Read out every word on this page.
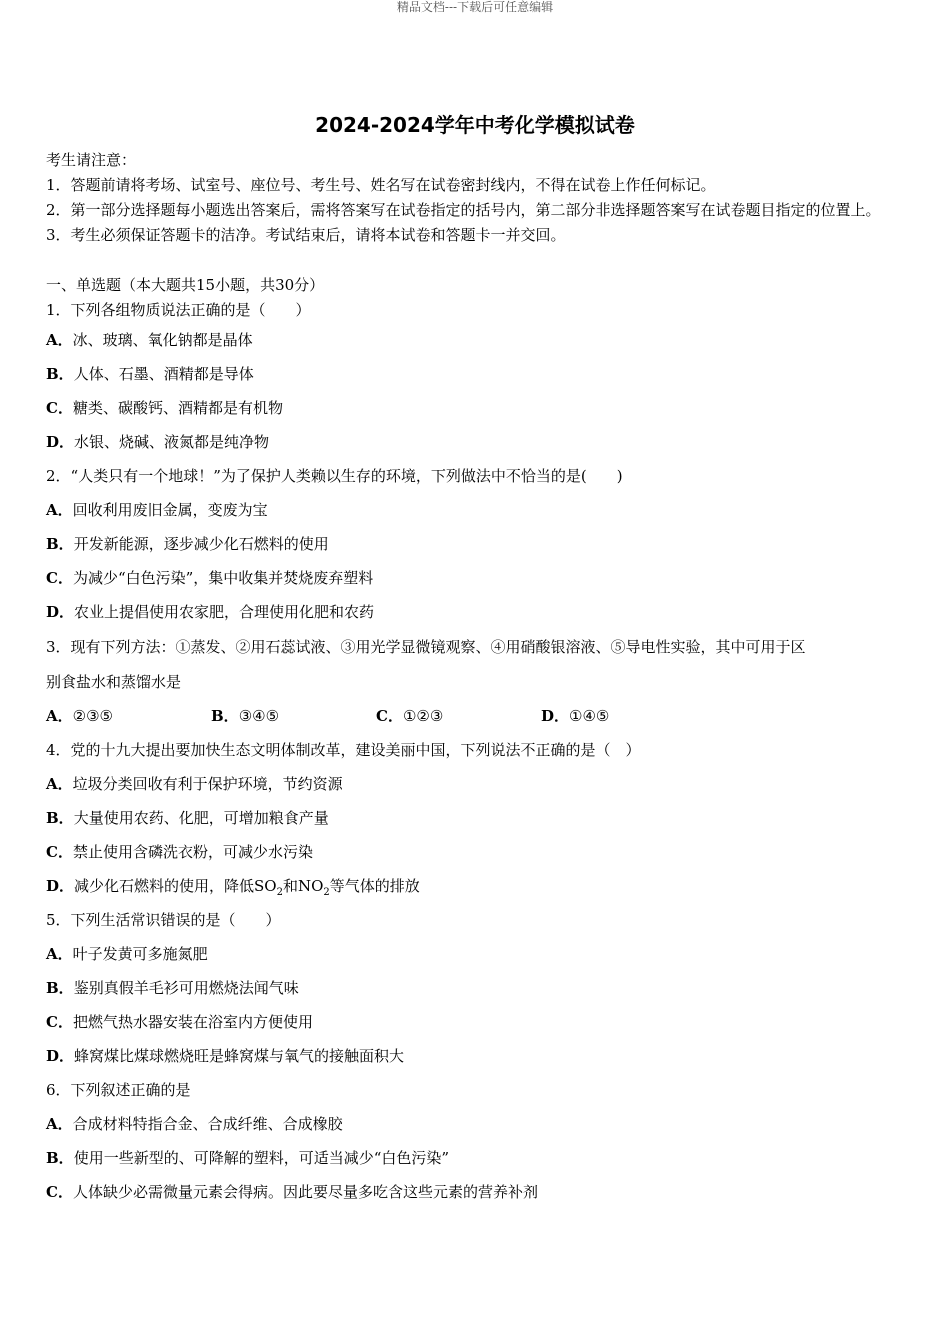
精品文档---下载后可任意编辑
2024-2024学年中考化学模拟试卷
考生请注意：
1．答题前请将考场、试室号、座位号、考生号、姓名写在试卷密封线内，不得在试卷上作任何标记。
2．第一部分选择题每小题选出答案后，需将答案写在试卷指定的括号内，第二部分非选择题答案写在试卷题目指定的位置上。
3．考生必须保证答题卡的洁净。考试结束后，请将本试卷和答题卡一并交回。
一、单选题（本大题共15小题，共30分）
1．下列各组物质说法正确的是（　　）
A．冰、玻璃、氧化钠都是晶体
B．人体、石墨、酒精都是导体
C．糖类、碳酸钙、酒精都是有机物
D．水银、烧碱、液氮都是纯净物
2．“人类只有一个地球！”为了保护人类赖以生存的环境，下列做法中不恰当的是(　　)
A．回收利用废旧金属，变废为宝
B．开发新能源，逐步减少化石燃料的使用
C．为减少“白色污染”，集中收集并焚烧废弃塑料
D．农业上提倡使用农家肥，合理使用化肥和农药
3．现有下列方法：①蒸发、②用石蕊试液、③用光学显微镜观察、④用硝酸银溶液、⑤导电性实验，其中可用于区
别食盐水和蒸馏水是
A．②③⑤	B．③④⑤	C．①②③	D．①④⑤
4．党的十九大提出要加快生态文明体制改革，建设美丽中国，下列说法不正确的是（　）
A．垃圾分类回收有利于保护环境，节约资源
B．大量使用农药、化肥，可增加粮食产量
C．禁止使用含磷洗衣粉，可减少水污染
D．减少化石燃料的使用，降低$SO_2$和$NO_2$等气体的排放
5．下列生活常识错误的是（　　）
A．叶子发黄可多施氮肥
B．鉴别真假羊毛衫可用燃烧法闻气味
C．把燃气热水器安装在浴室内方便使用
D．蜂窝煤比煤球燃烧旺是蜂窝煤与氧气的接触面积大
6．下列叙述正确的是
A．合成材料特指合金、合成纤维、合成橡胶
B．使用一些新型的、可降解的塑料，可适当减少“白色污染”
C．人体缺少必需微量元素会得病。因此要尽量多吃含这些元素的营养补剂
